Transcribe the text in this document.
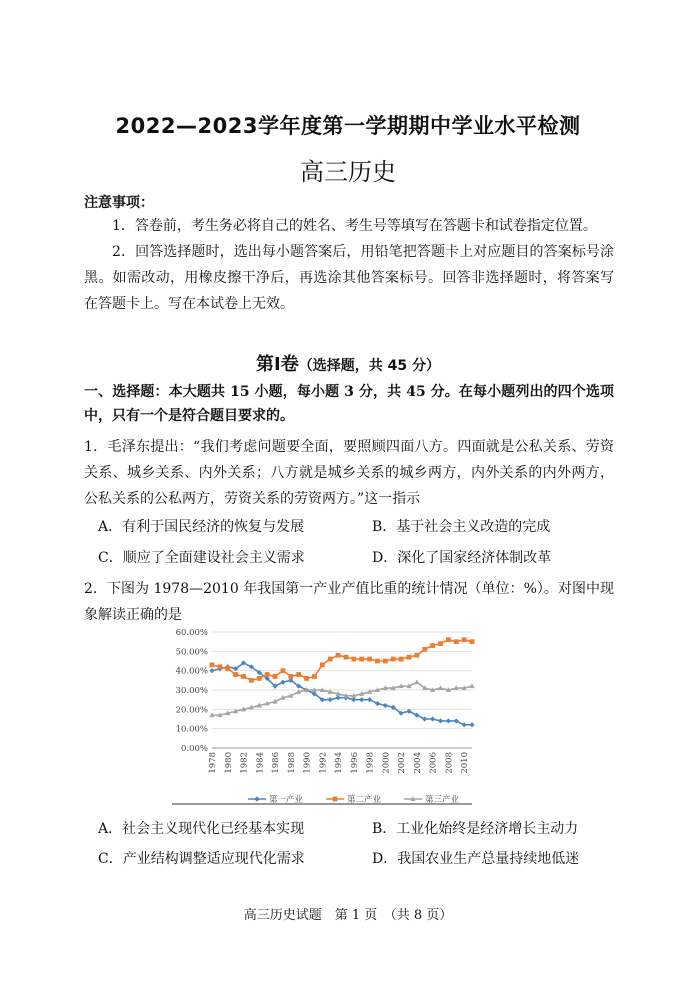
2022—2023学年度第一学期期中学业水平检测
高三历史
注意事项：
1．答卷前，考生务必将自己的姓名、考生号等填写在答题卡和试卷指定位置。
2．回答选择题时，选出每小题答案后，用铅笔把答题卡上对应题目的答案标号涂黑。如需改动，用橡皮擦干净后，再选涂其他答案标号。回答非选择题时，将答案写在答题卡上。写在本试卷上无效。
第Ⅰ卷（选择题，共 45 分）
一、选择题：本大题共 15 小题，每小题 3 分，共 45 分。在每小题列出的四个选项中，只有一个是符合题目要求的。
1．毛泽东提出：“我们考虑问题要全面，要照顾四面八方。四面就是公私关系、劳资关系、城乡关系、内外关系；八方就是城乡关系的城乡两方，内外关系的内外两方，公私关系的公私两方，劳资关系的劳资两方。”这一指示
A．有利于国民经济的恢复与发展	B．基于社会主义改造的完成
C．顺应了全面建设社会主义需求	D．深化了国家经济体制改革
2．下图为 1978—2010 年我国第一产业产值比重的统计情况（单位：%）。对图中现象解读正确的是
0.00%
10.00%
20.00%
30.00%
40.00%
50.00%
60.00%
1978 1980 1982 1984 1986 1988 1990 1992 1994 1996 1998 2000 2002 2004 2006 2008 2010
第一产业	第二产业	第三产业
A．社会主义现代化已经基本实现	B．工业化始终是经济增长主动力
C．产业结构调整适应现代化需求	D．我国农业生产总量持续地低迷
高三历史试题　第 1 页　（共 8 页）
